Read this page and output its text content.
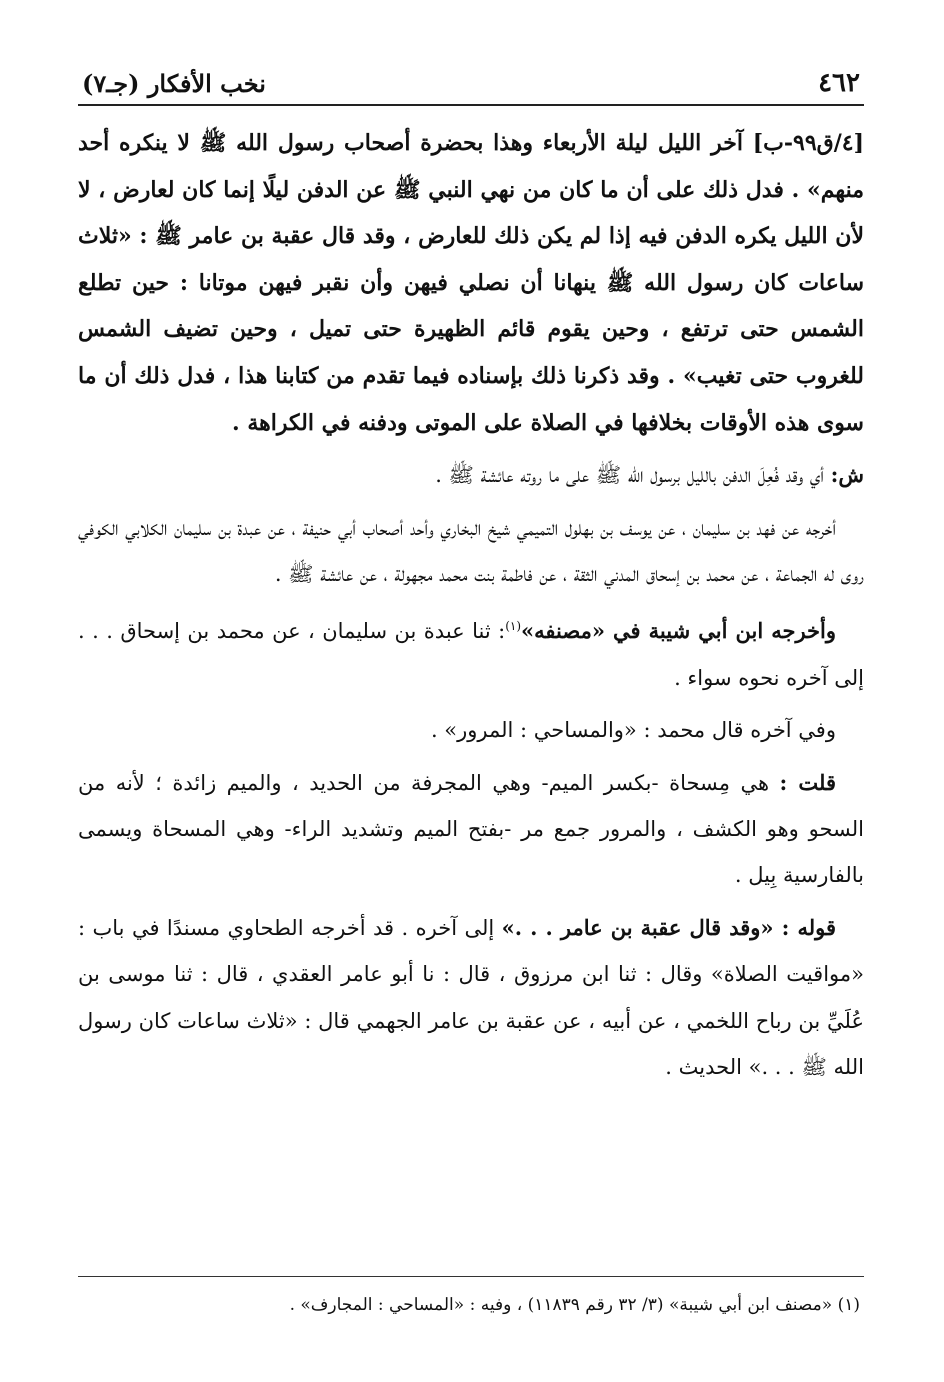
٤٦٢
نخب الأفكار (جـ٧)

[٤/ق٩٩-ب] آخر الليل ليلة الأربعاء وهذا بحضرة أصحاب رسول الله ﷺ لا ينكره أحد منهم» . فدل ذلك على أن ما كان من نهي النبي ﷺ عن الدفن ليلًا إنما كان لعارض ، لا لأن الليل يكره الدفن فيه إذا لم يكن ذلك للعارض ، وقد قال عقبة بن عامر ﷺ : «ثلاث ساعات كان رسول الله ﷺ ينهانا أن نصلي فيهن وأن نقبر فيهن موتانا : حين تطلع الشمس حتى ترتفع ، وحين يقوم قائم الظهيرة حتى تميل ، وحين تضيف الشمس للغروب حتى تغيب» . وقد ذكرنا ذلك بإسناده فيما تقدم من كتابنا هذا ، فدل ذلك أن ما سوى هذه الأوقات بخلافها في الصلاة على الموتى ودفنه في الكراهة .

ش: أي وقد فُعِلَ الدفن بالليل برسول الله ﷺ على ما روته عائشة ﷺ .

أخرجه عن فهد بن سليمان ، عن يوسف بن بهلول التميمي شيخ البخاري وأحد أصحاب أبي حنيفة ، عن عبدة بن سليمان الكلابي الكوفي روى له الجماعة ، عن محمد بن إسحاق المدني الثقة ، عن فاطمة بنت محمد مجهولة ، عن عائشة ﷺ .

وأخرجه ابن أبي شيبة في «مصنفه»$^{(١)}$: ثنا عبدة بن سليمان ، عن محمد بن إسحاق . . . إلى آخره نحوه سواء .

وفي آخره قال محمد : «والمساحي : المرور» .

قلت : هي مِسحاة -بكسر الميم- وهي المجرفة من الحديد ، والميم زائدة ؛ لأنه من السحو وهو الكشف ، والمرور جمع مر -بفتح الميم وتشديد الراء- وهي المسحاة ويسمى بالفارسية بِيل .

قوله : «وقد قال عقبة بن عامر . . .» إلى آخره . قد أخرجه الطحاوي مسندًا في باب : «مواقيت الصلاة» وقال : ثنا ابن مرزوق ، قال : نا أبو عامر العقدي ، قال : ثنا موسى بن عُلَيِّ بن رباح اللخمي ، عن أبيه ، عن عقبة بن عامر الجهمي قال : «ثلاث ساعات كان رسول الله ﷺ . . .» الحديث .

(١) «مصنف ابن أبي شيبة» (٣/ ٣٢ رقم ١١٨٣٩) ، وفيه : «المساحي : المجارف» .
